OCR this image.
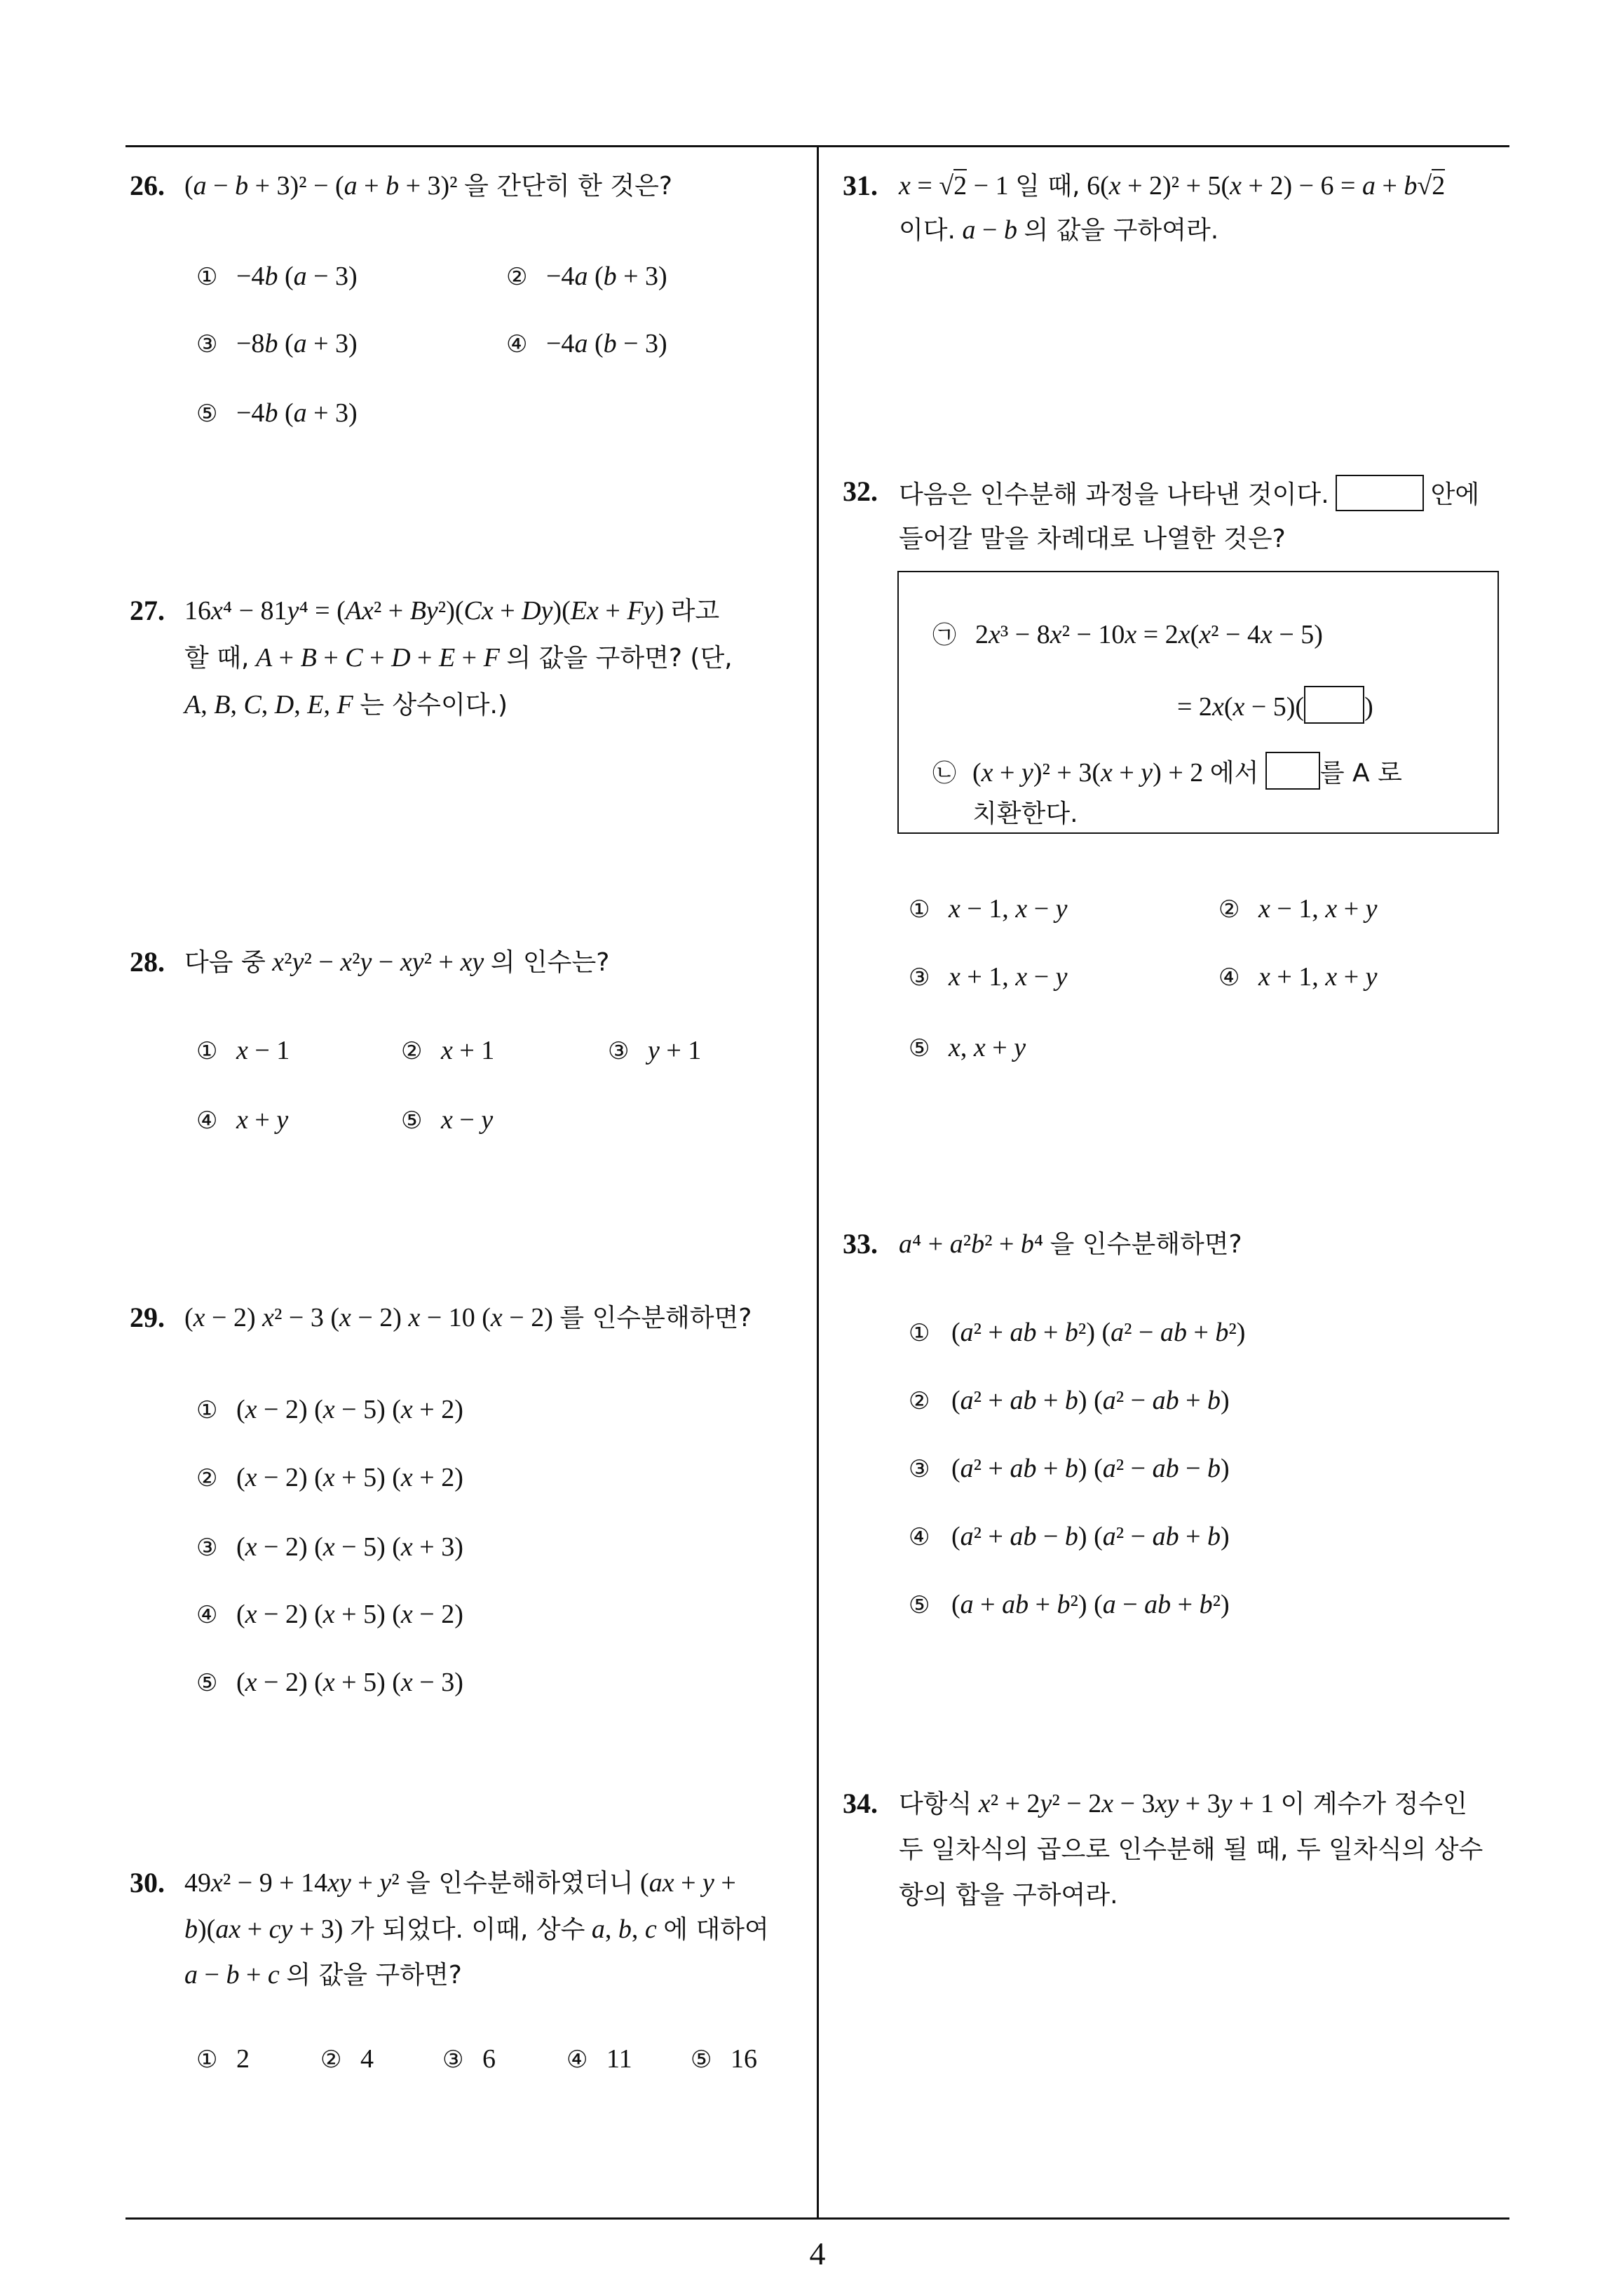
26. (a − b + 3)² − (a + b + 3)² 을 간단히 한 것은?
① −4b (a − 3)	② −4a (b + 3)
③ −8b (a + 3)	④ −4a (b − 3)
⑤ −4b (a + 3)
27. 16x⁴ − 81y⁴ = (Ax² + By²)(Cx + Dy)(Ex + Fy) 라고
할 때, A + B + C + D + E + F 의 값을 구하면? (단,
A, B, C, D, E, F 는 상수이다.)
28. 다음 중 x²y² − x²y − xy² + xy 의 인수는?
① x − 1	② x + 1	③ y + 1
④ x + y	⑤ x − y
29. (x − 2) x² − 3 (x − 2) x − 10 (x − 2) 를 인수분해하면?
① (x − 2) (x − 5) (x + 2)
② (x − 2) (x + 5) (x + 2)
③ (x − 2) (x − 5) (x + 3)
④ (x − 2) (x + 5) (x − 2)
⑤ (x − 2) (x + 5) (x − 3)
30. 49x² − 9 + 14xy + y² 을 인수분해하였더니 (ax + y +
b)(ax + cy + 3) 가 되었다. 이때, 상수 a, b, c 에 대하여
a − b + c 의 값을 구하면?
① 2	② 4	③ 6	④ 11 ⑤ 16
31. x = √2 − 1 일 때, 6(x + 2)² + 5(x + 2) − 6 = a + b√2
이다. a − b 의 값을 구하여라.
32. 다음은 인수분해 과정을 나타낸 것이다.	안에
들어갈 말을 차례대로 나열한 것은?
㉠ 2x³ − 8x² − 10x = 2x(x² − 4x − 5)
= 2x(x − 5)( )
㉡ (x + y)² + 3(x + y) + 2 에서 를 A 로
치환한다.
① x − 1, x − y	② x − 1, x + y
③ x + 1, x − y	④ x + 1, x + y
⑤ x, x + y
33. a⁴ + a²b² + b⁴ 을 인수분해하면?
① (a² + ab + b²) (a² − ab + b²)
② (a² + ab + b) (a² − ab + b)
③ (a² + ab + b) (a² − ab − b)
④ (a² + ab − b) (a² − ab + b)
⑤ (a + ab + b²) (a − ab + b²)
34. 다항식 x² + 2y² − 2x − 3xy + 3y + 1 이 계수가 정수인
두 일차식의 곱으로 인수분해 될 때, 두 일차식의 상수
항의 합을 구하여라.
4
